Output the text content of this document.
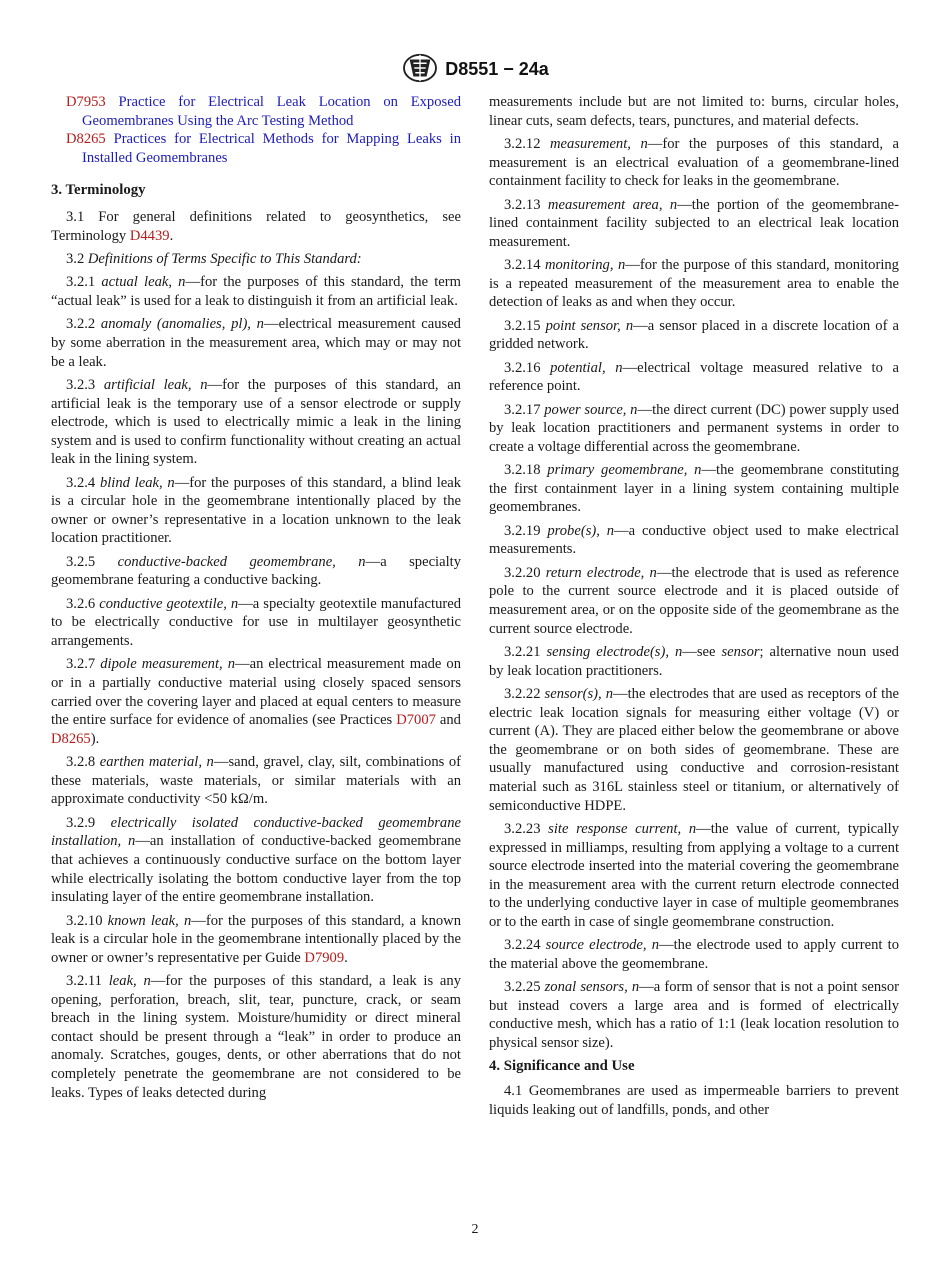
D8551 − 24a
D7953 Practice for Electrical Leak Location on Exposed Geomembranes Using the Arc Testing Method
D8265 Practices for Electrical Methods for Mapping Leaks in Installed Geomembranes
3. Terminology

3.1 For general definitions related to geosynthetics, see Terminology D4439.

3.2 Definitions of Terms Specific to This Standard:

3.2.1 actual leak, n—for the purposes of this standard, the term “actual leak” is used for a leak to distinguish it from an artificial leak.

3.2.2 anomaly (anomalies, pl), n—electrical measurement caused by some aberration in the measurement area, which may or may not be a leak.

3.2.3 artificial leak, n—for the purposes of this standard, an artificial leak is the temporary use of a sensor electrode or supply electrode, which is used to electrically mimic a leak in the lining system and is used to confirm functionality without creating an actual leak in the lining system.

3.2.4 blind leak, n—for the purposes of this standard, a blind leak is a circular hole in the geomembrane intentionally placed by the owner or owner’s representative in a location unknown to the leak location practitioner.

3.2.5 conductive-backed geomembrane, n—a specialty geomembrane featuring a conductive backing.

3.2.6 conductive geotextile, n—a specialty geotextile manufactured to be electrically conductive for use in multilayer geosynthetic arrangements.

3.2.7 dipole measurement, n—an electrical measurement made on or in a partially conductive material using closely spaced sensors carried over the covering layer and placed at equal centers to measure the entire surface for evidence of anomalies (see Practices D7007 and D8265).

3.2.8 earthen material, n—sand, gravel, clay, silt, combinations of these materials, waste materials, or similar materials with an approximate conductivity <50 kΩ/m.

3.2.9 electrically isolated conductive-backed geomembrane installation, n—an installation of conductive-backed geomembrane that achieves a continuously conductive surface on the bottom layer while electrically isolating the bottom conductive layer from the top insulating layer of the entire geomembrane installation.

3.2.10 known leak, n—for the purposes of this standard, a known leak is a circular hole in the geomembrane intentionally placed by the owner or owner’s representative per Guide D7909.

3.2.11 leak, n—for the purposes of this standard, a leak is any opening, perforation, breach, slit, tear, puncture, crack, or seam breach in the lining system. Moisture/humidity or direct mineral contact should be present through a “leak” in order to produce an anomaly. Scratches, gouges, dents, or other aberrations that do not completely penetrate the geomembrane are not considered to be leaks. Types of leaks detected during

measurements include but are not limited to: burns, circular holes, linear cuts, seam defects, tears, punctures, and material defects.

3.2.12 measurement, n—for the purposes of this standard, a measurement is an electrical evaluation of a geomembrane-lined containment facility to check for leaks in the geomembrane.

3.2.13 measurement area, n—the portion of the geomembrane-lined containment facility subjected to an electrical leak location measurement.

3.2.14 monitoring, n—for the purpose of this standard, monitoring is a repeated measurement of the measurement area to enable the detection of leaks as and when they occur.

3.2.15 point sensor, n—a sensor placed in a discrete location of a gridded network.

3.2.16 potential, n—electrical voltage measured relative to a reference point.

3.2.17 power source, n—the direct current (DC) power supply used by leak location practitioners and permanent systems in order to create a voltage differential across the geomembrane.

3.2.18 primary geomembrane, n—the geomembrane constituting the first containment layer in a lining system containing multiple geomembranes.

3.2.19 probe(s), n—a conductive object used to make electrical measurements.

3.2.20 return electrode, n—the electrode that is used as reference pole to the current source electrode and it is placed outside of measurement area, or on the opposite side of the geomembrane as the current source electrode.

3.2.21 sensing electrode(s), n—see sensor; alternative noun used by leak location practitioners.

3.2.22 sensor(s), n—the electrodes that are used as receptors of the electric leak location signals for measuring either voltage (V) or current (A). They are placed either below the geomembrane or above the geomembrane or on both sides of geomembrane. These are usually manufactured using conductive and corrosion-resistant material such as 316L stainless steel or titanium, or alternatively of semiconductive HDPE.

3.2.23 site response current, n—the value of current, typically expressed in milliamps, resulting from applying a voltage to a current source electrode inserted into the material covering the geomembrane in the measurement area with the current return electrode connected to the underlying conductive layer in case of multiple geomembranes or to the earth in case of single geomembrane construction.

3.2.24 source electrode, n—the electrode used to apply current to the material above the geomembrane.

3.2.25 zonal sensors, n—a form of sensor that is not a point sensor but instead covers a large area and is formed of electrically conductive mesh, which has a ratio of 1:1 (leak location resolution to physical sensor size).

4. Significance and Use

4.1 Geomembranes are used as impermeable barriers to prevent liquids leaking out of landfills, ponds, and other

2
